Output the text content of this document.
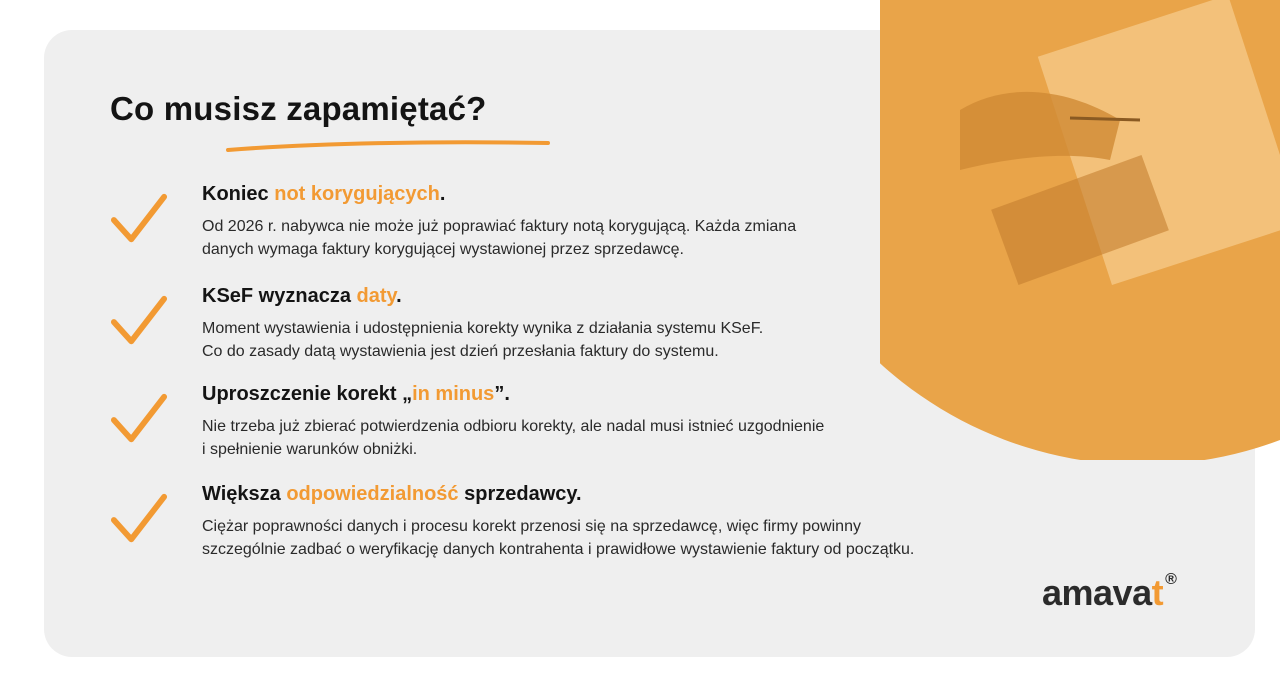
Co musisz zapamiętać?
Koniec not korygujących.

Od 2026 r. nabywca nie może już poprawiać faktury notą korygującą. Każda zmiana
danych wymaga faktury korygującej wystawionej przez sprzedawcę.

KSeF wyznacza daty.

Moment wystawienia i udostępnienia korekty wynika z działania systemu KSeF.
Co do zasady datą wystawienia jest dzień przesłania faktury do systemu.

Uproszczenie korekt „in minus”.

Nie trzeba już zbierać potwierdzenia odbioru korekty, ale nadal musi istnieć uzgodnienie
i spełnienie warunków obniżki.

Większa odpowiedzialność sprzedawcy.

Ciężar poprawności danych i procesu korekt przenosi się na sprzedawcę, więc firmy powinny
szczególnie zadbać o weryfikację danych kontrahenta i prawidłowe wystawienie faktury od początku.

amavat ®
